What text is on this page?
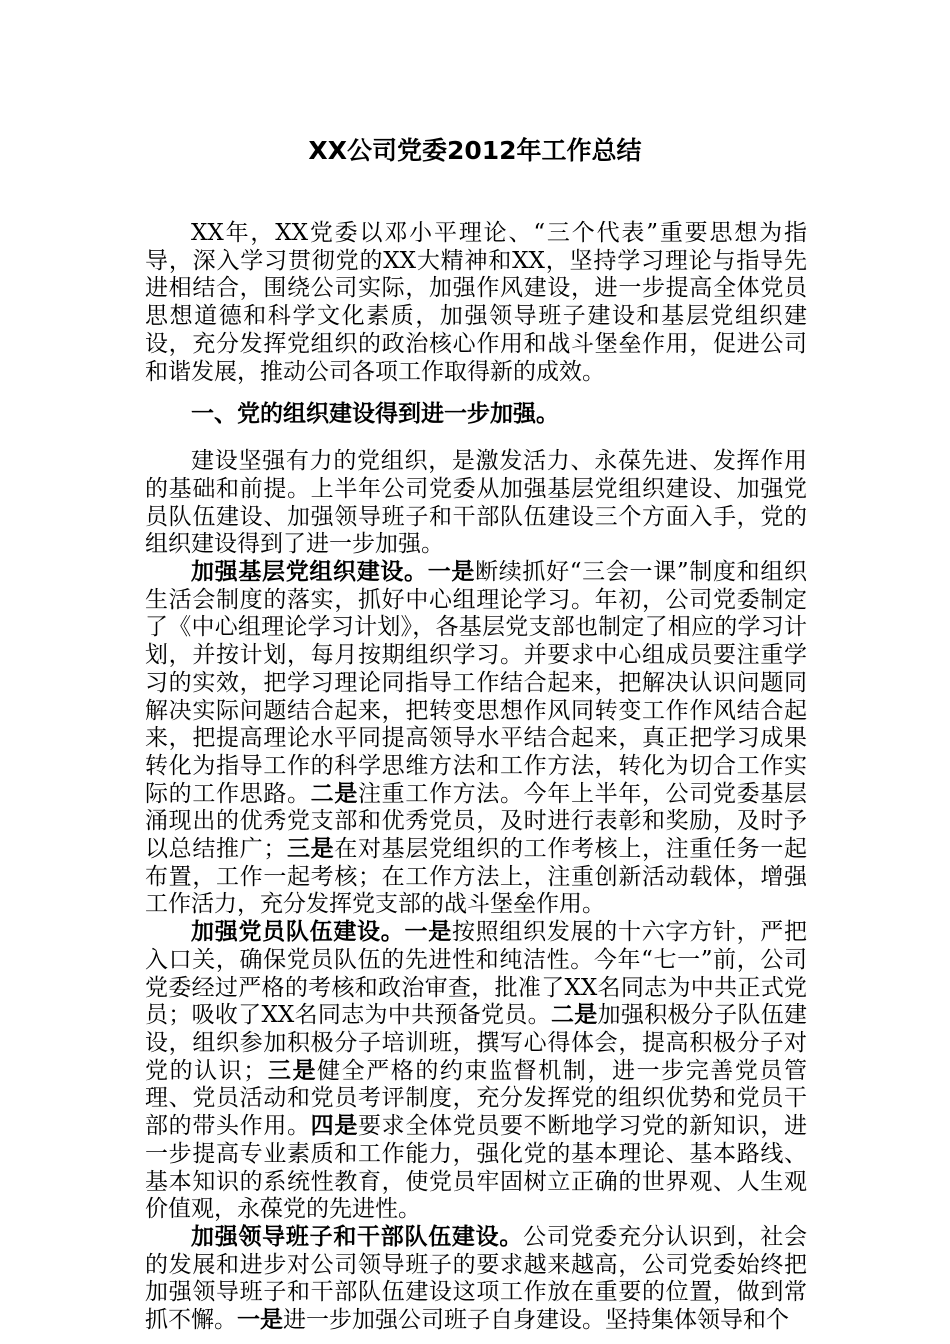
XX公司党委2012年工作总结

XX年，XX党委以邓小平理论、“三个代表”重要思想为指导，深入学习贯彻党的XX大精神和XX，坚持学习理论与指导先进相结合，围绕公司实际，加强作风建设，进一步提高全体党员思想道德和科学文化素质，加强领导班子建设和基层党组织建设，充分发挥党组织的政治核心作用和战斗堡垒作用，促进公司和谐发展，推动公司各项工作取得新的成效。

一、党的组织建设得到进一步加强。

建设坚强有力的党组织，是激发活力、永葆先进、发挥作用的基础和前提。上半年公司党委从加强基层党组织建设、加强党员队伍建设、加强领导班子和干部队伍建设三个方面入手，党的组织建设得到了进一步加强。

加强基层党组织建设。一是断续抓好“三会一课”制度和组织生活会制度的落实，抓好中心组理论学习。年初，公司党委制定了《中心组理论学习计划》，各基层党支部也制定了相应的学习计划，并按计划，每月按期组织学习。并要求中心组成员要注重学习的实效，把学习理论同指导工作结合起来，把解决认识问题同解决实际问题结合起来，把转变思想作风同转变工作作风结合起来，把提高理论水平同提高领导水平结合起来，真正把学习成果转化为指导工作的科学思维方法和工作方法，转化为切合工作实际的工作思路。二是注重工作方法。今年上半年，公司党委基层涌现出的优秀党支部和优秀党员，及时进行表彰和奖励，及时予以总结推广；三是在对基层党组织的工作考核上，注重任务一起布置，工作一起考核；在工作方法上，注重创新活动载体，增强工作活力，充分发挥党支部的战斗堡垒作用。

加强党员队伍建设。一是按照组织发展的十六字方针，严把入口关，确保党员队伍的先进性和纯洁性。今年“七一”前，公司党委经过严格的考核和政治审查，批准了XX名同志为中共正式党员；吸收了XX名同志为中共预备党员。二是加强积极分子队伍建设，组织参加积极分子培训班，撰写心得体会，提高积极分子对党的认识；三是健全严格的约束监督机制，进一步完善党员管理、党员活动和党员考评制度，充分发挥党的组织优势和党员干部的带头作用。四是要求全体党员要不断地学习党的新知识，进一步提高专业素质和工作能力，强化党的基本理论、基本路线、基本知识的系统性教育，使党员牢固树立正确的世界观、人生观价值观，永葆党的先进性。

加强领导班子和干部队伍建设。公司党委充分认识到，社会的发展和进步对公司领导班子的要求越来越高，公司党委始终把加强领导班子和干部队伍建设这项工作放在重要的位置，做到常抓不懈。一是进一步加强公司班子自身建设。坚持集体领导和个
